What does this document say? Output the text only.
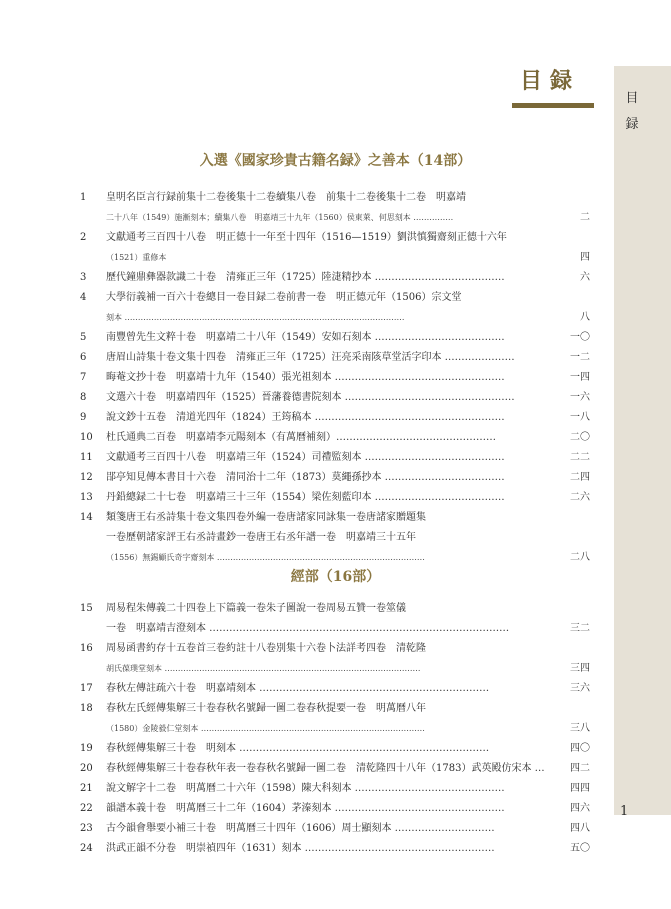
目
録
1
目録
入選《國家珍貴古籍名録》之善本（14部）
1	皇明名臣言行録前集十二卷後集十二卷續集八卷　前集十二卷後集十二卷　明嘉靖
二十八年（1549）施漸刻本；續集八卷　明嘉靖三十九年（1560）侯東萊、何思刻本 ……………	二
2	文獻通考三百四十八卷　明正德十一年至十四年（1516—1519）劉洪慎獨齋刻正德十六年
（1521）重修本	四
3	歷代鐘鼎彝器款識二十卷　清雍正三年（1725）陸𣶏精抄本 …………………………………	六
4	大學衍義補一百六十卷總目一卷目録二卷前書一卷　明正德元年（1506）宗文堂
刻本 ……………………………………………………………………………………………	八
5	南豐曾先生文粹十卷　明嘉靖二十八年（1549）安如石刻本 …………………………………	一〇
6	唐眉山詩集十卷文集十四卷　清雍正三年（1725）汪亮采南陔草堂活字印本 …………………	一二
7	晦菴文抄十卷　明嘉靖十九年（1540）張光祖刻本 ……………………………………………	一四
8	文選六十卷　明嘉靖四年（1525）晉藩養德書院刻本 ……………………………………………	一六
9	說文鈔十五卷　清道光四年（1824）王筠稿本 …………………………………………………	一八
10	杜氏通典二百卷　明嘉靖李元陽刻本（有萬曆補刻）…………………………………………	二〇
11	文獻通考三百四十八卷　明嘉靖三年（1524）司禮監刻本 ……………………………………	二二
12	郘亭知見傳本書目十六卷　清同治十二年（1873）莫繩孫抄本 ………………………………	二四
13	丹鉛總録二十七卷　明嘉靖三十三年（1554）梁佐刻藍印本 …………………………………	二六
14	類箋唐王右丞詩集十卷文集四卷外編一卷唐諸家同詠集一卷唐諸家贈題集
一卷歷朝諸家評王右丞詩畫鈔一卷唐王右丞年譜一卷　明嘉靖三十五年
（1556）無錫顧氏奇字齋刻本 ……………………………………………………………………	二八
經部（16部）
15	周易程朱傳義二十四卷上下篇義一卷朱子圖說一卷周易五贊一卷筮儀
一卷　明嘉靖吉澄刻本 ………………………………………………………………………………	三二
16	周易函書約存十五卷首三卷約註十八卷別集十六卷卜法詳考四卷　清乾隆
胡氏葆璞堂刻本 ……………………………………………………………………………………	三四
17	春秋左傳註疏六十卷　明嘉靖刻本 ……………………………………………………………	三六
18	春秋左氏經傳集解三十卷春秋名號歸一圖二卷春秋提要一卷　明萬曆八年
（1580）金陵毅仁堂刻本 …………………………………………………………………………	三八
19	春秋經傳集解三十卷　明刻本 …………………………………………………………………	四〇
20	春秋經傳集解三十卷春秋年表一卷春秋名號歸一圖二卷　清乾隆四十八年（1783）武英殿仿宋本 …	四二
21	說文解字十二卷　明萬曆二十六年（1598）陳大科刻本 ………………………………………	四四
22	韻譜本義十卷　明萬曆三十二年（1604）茅溱刻本 ……………………………………………	四六
23	古今韻會舉要小補三十卷　明萬曆三十四年（1606）周士顯刻本 …………………………	四八
24	洪武正韻不分卷　明崇禎四年（1631）刻本 …………………………………………………	五〇
